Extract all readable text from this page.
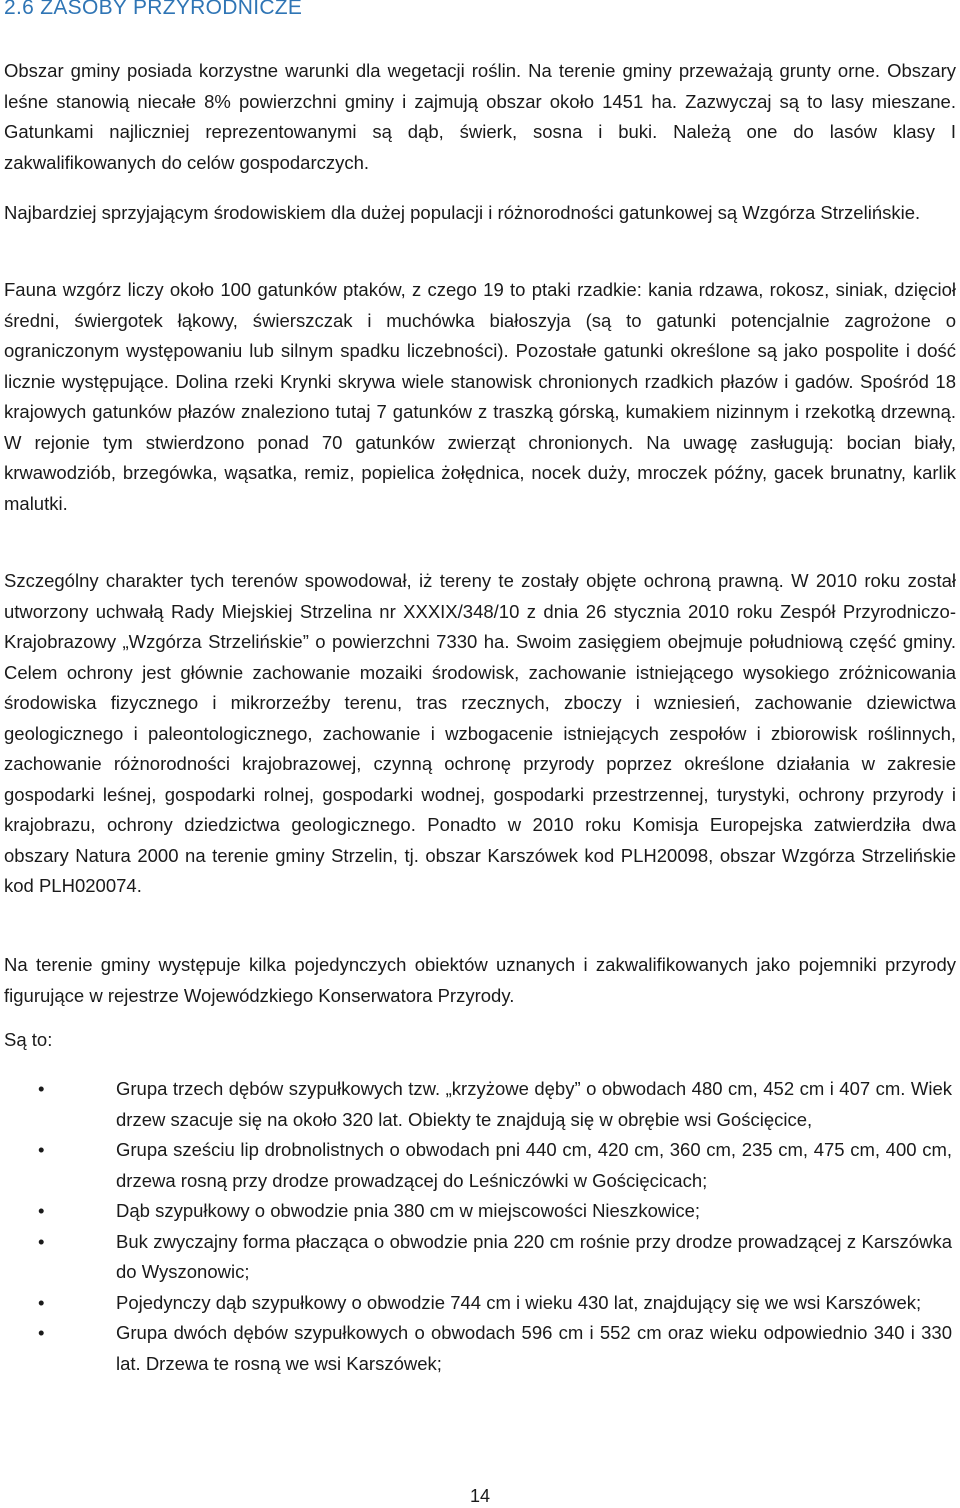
2.6 ZASOBY PRZYRODNICZE

Obszar gminy posiada korzystne warunki dla wegetacji roślin. Na terenie gminy przeważają grunty orne. Obszary leśne stanowią niecałe 8% powierzchni gminy i zajmują obszar około 1451 ha. Zazwyczaj są to lasy mieszane. Gatunkami najliczniej reprezentowanymi są dąb, świerk, sosna i buki. Należą one do lasów klasy I zakwalifikowanych do celów gospodarczych.

Najbardziej sprzyjającym środowiskiem dla dużej populacji i różnorodności gatunkowej są Wzgórza Strzelińskie.

Fauna wzgórz liczy około 100 gatunków ptaków, z czego 19 to ptaki rzadkie: kania rdzawa, rokosz, siniak, dzięcioł średni, świergotek łąkowy, świerszczak i muchówka białoszyja (są to gatunki potencjalnie zagrożone o ograniczonym występowaniu lub silnym spadku liczebności). Pozostałe gatunki określone są jako pospolite i dość licznie występujące. Dolina rzeki Krynki skrywa wiele stanowisk chronionych rzadkich płazów i gadów. Spośród 18 krajowych gatunków płazów znaleziono tutaj 7 gatunków z traszką górską, kumakiem nizinnym i rzekotką drzewną. W rejonie tym stwierdzono ponad 70 gatunków zwierząt chronionych. Na uwagę zasługują: bocian biały, krwawodziób, brzegówka, wąsatka, remiz, popielica żołędnica, nocek duży, mroczek późny, gacek brunatny, karlik malutki.

Szczególny charakter tych terenów spowodował, iż tereny te zostały objęte ochroną prawną. W 2010 roku został utworzony uchwałą Rady Miejskiej Strzelina nr XXXIX/348/10 z dnia 26 stycznia 2010 roku Zespół Przyrodniczo-Krajobrazowy „Wzgórza Strzelińskie” o powierzchni 7330 ha. Swoim zasięgiem obejmuje południową część gminy. Celem ochrony jest głównie zachowanie mozaiki środowisk, zachowanie istniejącego wysokiego zróżnicowania środowiska fizycznego i mikrorzeźby terenu, tras rzecznych, zboczy i wzniesień, zachowanie dziewictwa geologicznego i paleontologicznego, zachowanie i wzbogacenie istniejących zespołów i zbiorowisk roślinnych, zachowanie różnorodności krajobrazowej, czynną ochronę przyrody poprzez określone działania w zakresie gospodarki leśnej, gospodarki rolnej, gospodarki wodnej, gospodarki przestrzennej, turystyki, ochrony przyrody i krajobrazu, ochrony dziedzictwa geologicznego. Ponadto w 2010 roku Komisja Europejska zatwierdziła dwa obszary Natura 2000 na terenie gminy Strzelin, tj. obszar Karszówek kod PLH20098, obszar Wzgórza Strzelińskie kod PLH020074.

Na terenie gminy występuje kilka pojedynczych obiektów uznanych i zakwalifikowanych jako pojemniki przyrody figurujące w rejestrze Wojewódzkiego Konserwatora Przyrody.

Są to:

•	Grupa trzech dębów szypułkowych tzw. „krzyżowe dęby” o obwodach 480 cm, 452 cm i 407 cm. Wiek drzew szacuje się na około 320 lat. Obiekty te znajdują się w obrębie wsi Gościęcice,
•	Grupa sześciu lip drobnolistnych o obwodach pni 440 cm, 420 cm, 360 cm, 235 cm, 475 cm, 400 cm, drzewa rosną przy drodze prowadzącej do Leśniczówki w Gościęcicach;
•	Dąb szypułkowy o obwodzie pnia 380 cm w miejscowości Nieszkowice;
•	Buk zwyczajny forma płacząca o obwodzie pnia 220 cm rośnie przy drodze prowadzącej z Karszówka do Wyszonowic;
•	Pojedynczy dąb szypułkowy o obwodzie 744 cm i wieku 430 lat, znajdujący się we wsi Karszówek;
•	Grupa dwóch dębów szypułkowych o obwodach 596 cm i 552 cm oraz wieku odpowiednio 340 i 330 lat. Drzewa te rosną we wsi Karszówek;
14
